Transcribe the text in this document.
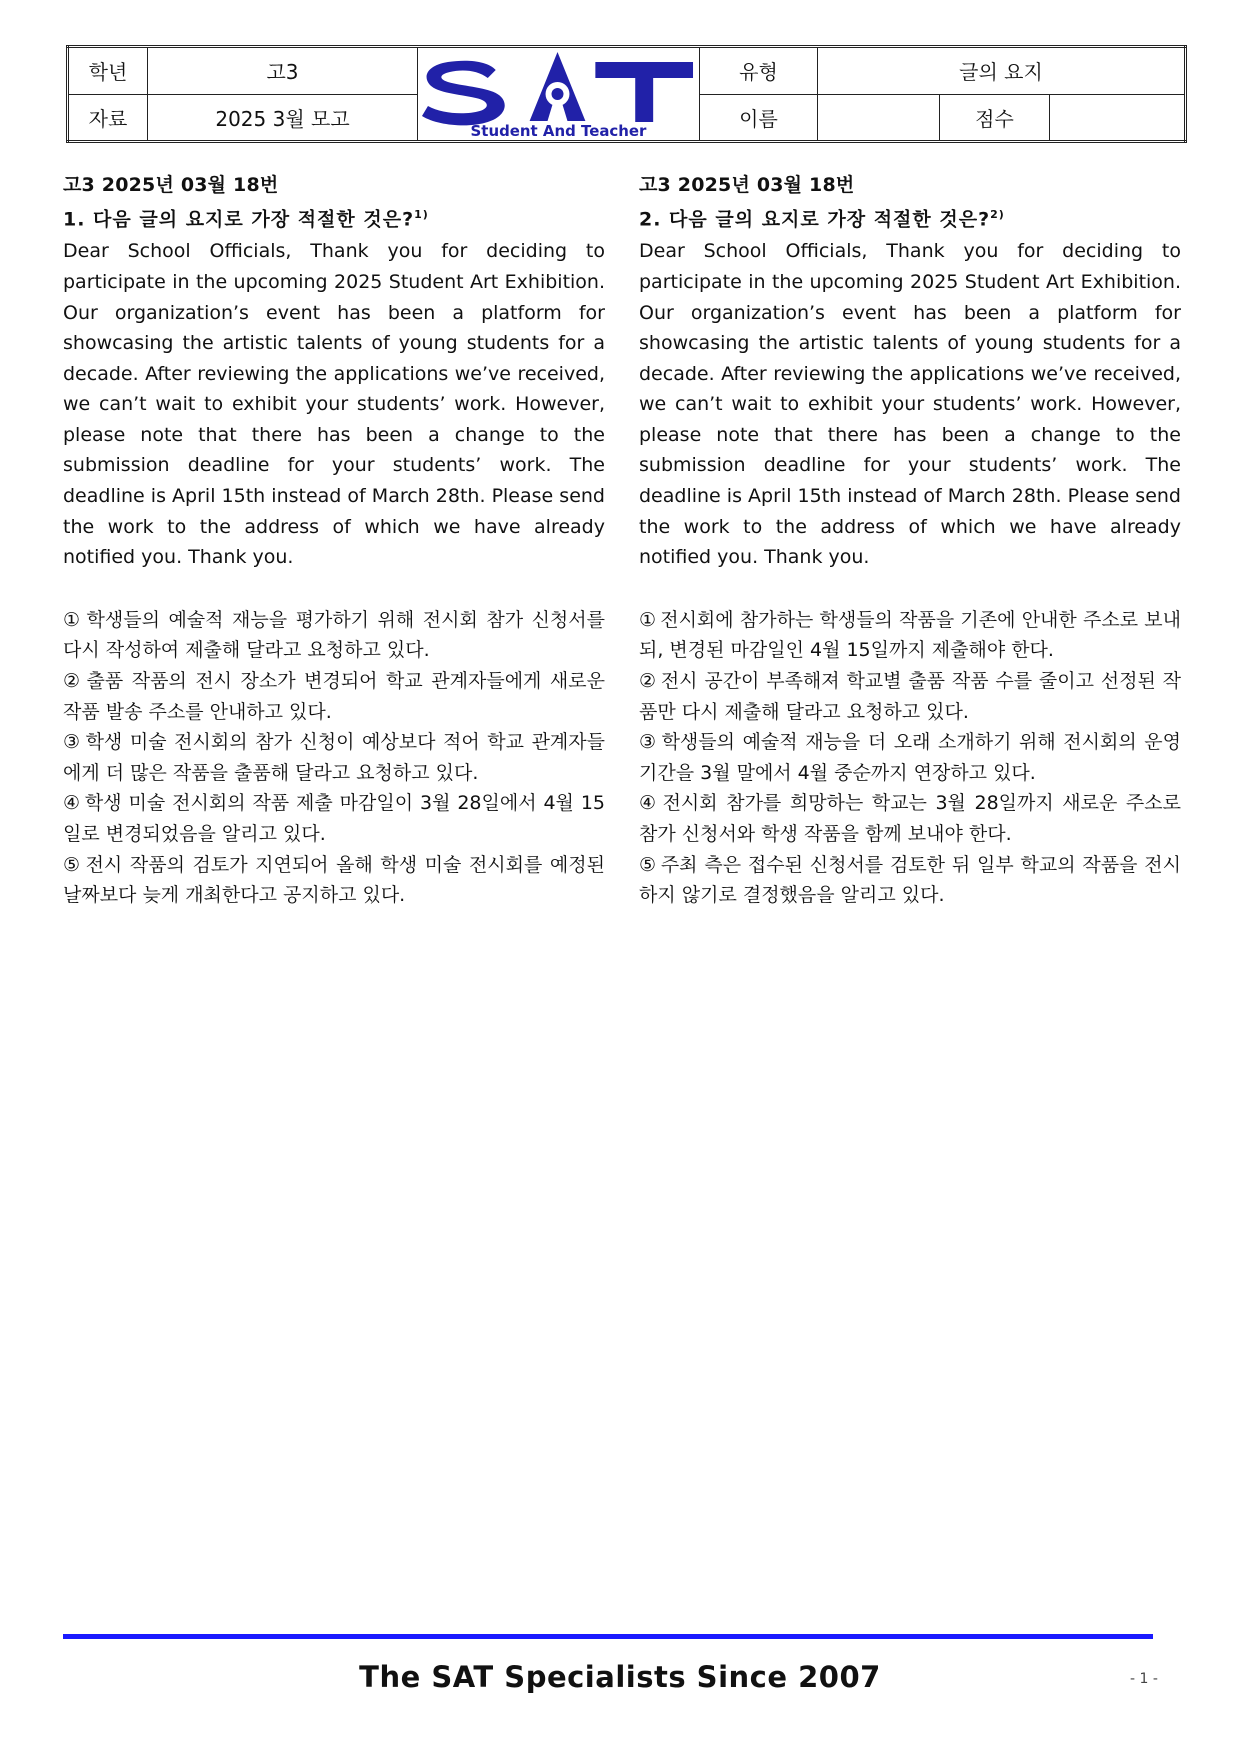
학년	고3	Student And Teacher	유형	글의 요지		
자료	2025 3월 모고		이름		점수	
고3 2025년 03월 18번
1. 다음 글의 요지로 가장 적절한 것은?$^{1)}$
Dear School Officials, Thank you for deciding to participate in the upcoming 2025 Student Art Exhibition. Our organization’s event has been a platform for showcasing the artistic talents of young students for a decade. After reviewing the applications we’ve received, we can’t wait to exhibit your students’ work. However, please note that there has been a change to the submission deadline for your students’ work. The deadline is April 15th instead of March 28th. Please send the work to the address of which we have already notified you. Thank you.
① 학생들의 예술적 재능을 평가하기 위해 전시회 참가 신청서를 다시 작성하여 제출해 달라고 요청하고 있다.
② 출품 작품의 전시 장소가 변경되어 학교 관계자들에게 새로운 작품 발송 주소를 안내하고 있다.
③ 학생 미술 전시회의 참가 신청이 예상보다 적어 학교 관계자들에게 더 많은 작품을 출품해 달라고 요청하고 있다.
④ 학생 미술 전시회의 작품 제출 마감일이 3월 28일에서 4월 15일로 변경되었음을 알리고 있다.
⑤ 전시 작품의 검토가 지연되어 올해 학생 미술 전시회를 예정된 날짜보다 늦게 개최한다고 공지하고 있다.
고3 2025년 03월 18번
2. 다음 글의 요지로 가장 적절한 것은?$^{2)}$
Dear School Officials, Thank you for deciding to participate in the upcoming 2025 Student Art Exhibition. Our organization’s event has been a platform for showcasing the artistic talents of young students for a decade. After reviewing the applications we’ve received, we can’t wait to exhibit your students’ work. However, please note that there has been a change to the submission deadline for your students’ work. The deadline is April 15th instead of March 28th. Please send the work to the address of which we have already notified you. Thank you.
① 전시회에 참가하는 학생들의 작품을 기존에 안내한 주소로 보내되, 변경된 마감일인 4월 15일까지 제출해야 한다.
② 전시 공간이 부족해져 학교별 출품 작품 수를 줄이고 선정된 작품만 다시 제출해 달라고 요청하고 있다.
③ 학생들의 예술적 재능을 더 오래 소개하기 위해 전시회의 운영 기간을 3월 말에서 4월 중순까지 연장하고 있다.
④ 전시회 참가를 희망하는 학교는 3월 28일까지 새로운 주소로 참가 신청서와 학생 작품을 함께 보내야 한다.
⑤ 주최 측은 접수된 신청서를 검토한 뒤 일부 학교의 작품을 전시하지 않기로 결정했음을 알리고 있다.
The SAT Specialists Since 2007	- 1 -
